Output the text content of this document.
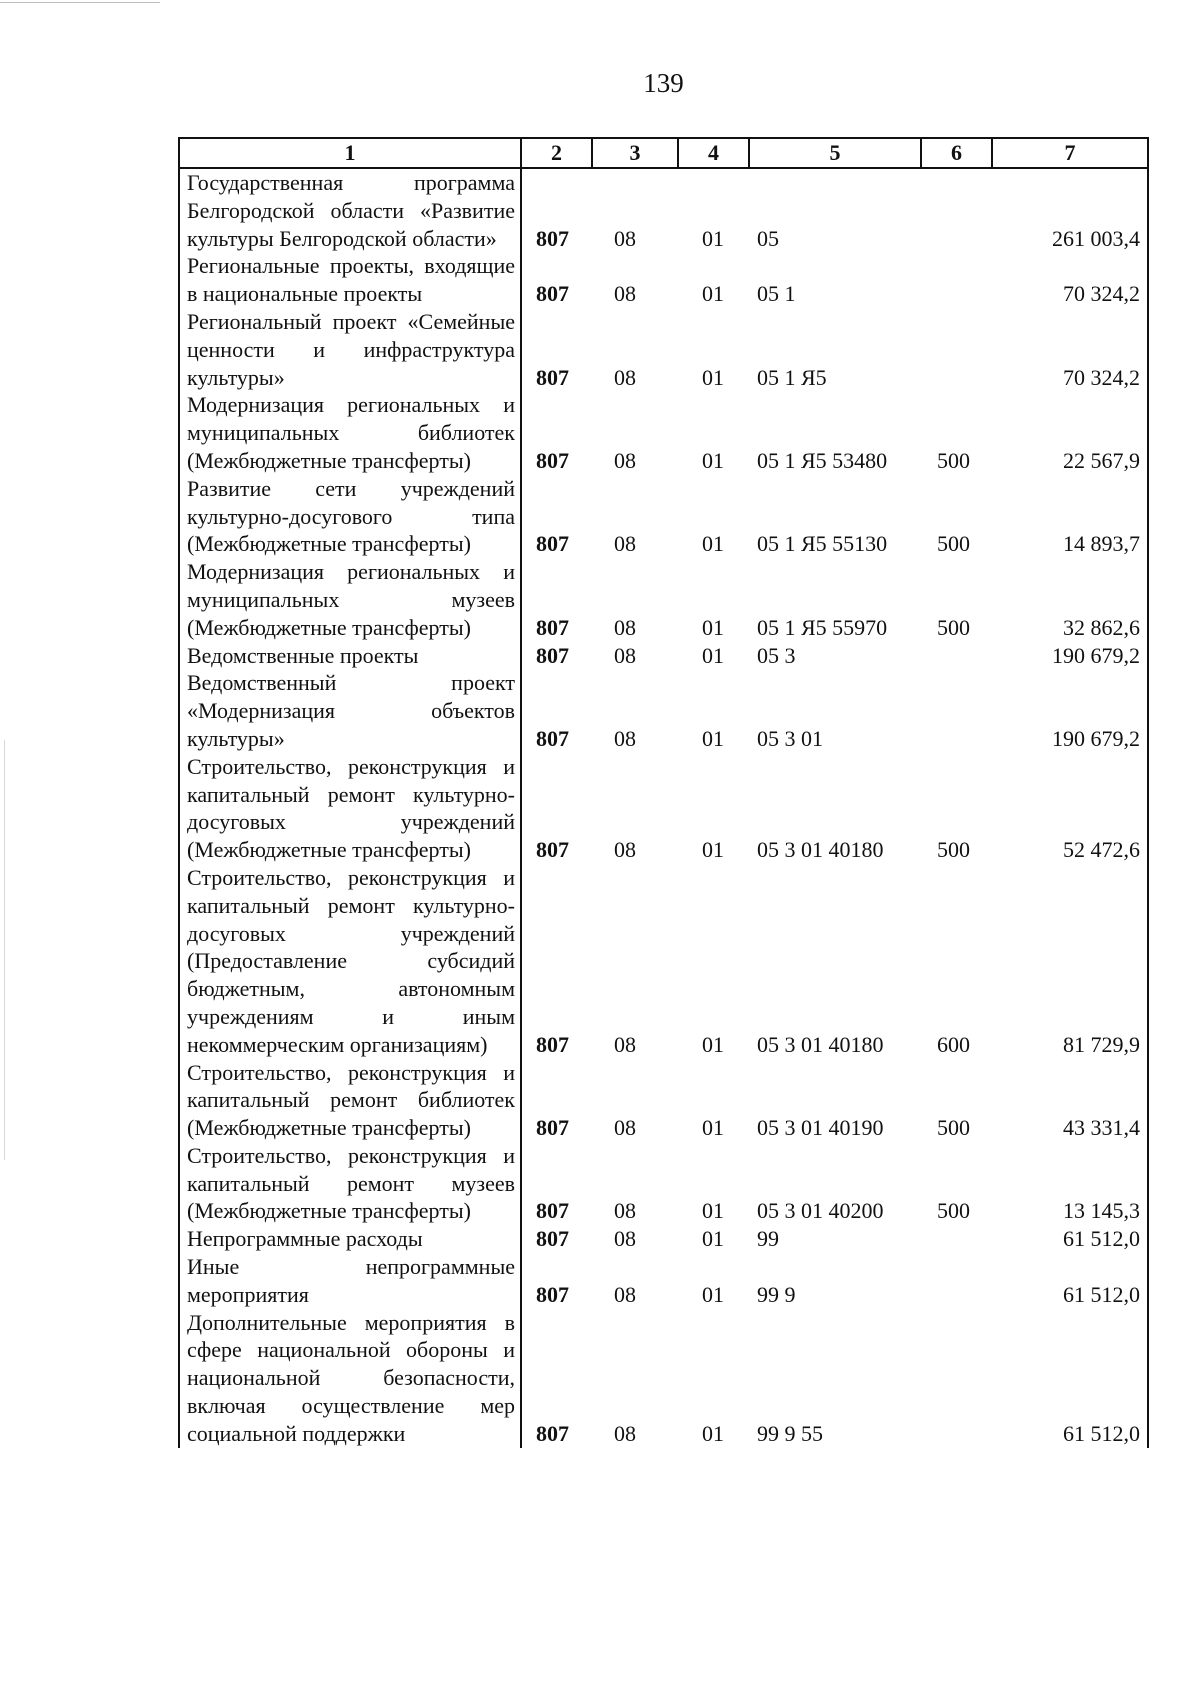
139
1	2	3	4	5	6	7
Государственная программа Белгородской области «Развитие культуры Белгородской области»	807	08	01	05		261 003,4
Региональные проекты, входящие в национальные проекты	807	08	01	05 1		70 324,2
Региональный проект «Семейные ценности и инфраструктура культуры»	807	08	01	05 1 Я5		70 324,2
Модернизация региональных и муниципальных библиотек (Межбюджетные трансферты)	807	08	01	05 1 Я5 53480	500	22 567,9
Развитие сети учреждений культурно-досугового типа (Межбюджетные трансферты)	807	08	01	05 1 Я5 55130	500	14 893,7
Модернизация региональных и муниципальных музеев (Межбюджетные трансферты)	807	08	01	05 1 Я5 55970	500	32 862,6
Ведомственные проекты	807	08	01	05 3		190 679,2
Ведомственный проект «Модернизация объектов культуры»	807	08	01	05 3 01		190 679,2
Строительство, реконструкция и капитальный ремонт культурно-досуговых учреждений (Межбюджетные трансферты)	807	08	01	05 3 01 40180	500	52 472,6
Строительство, реконструкция и капитальный ремонт культурно-досуговых учреждений (Предоставление субсидий бюджетным, автономным учреждениям и иным некоммерческим организациям)	807	08	01	05 3 01 40180	600	81 729,9
Строительство, реконструкция и капитальный ремонт библиотек (Межбюджетные трансферты)	807	08	01	05 3 01 40190	500	43 331,4
Строительство, реконструкция и капитальный ремонт музеев (Межбюджетные трансферты)	807	08	01	05 3 01 40200	500	13 145,3
Непрограммные расходы	807	08	01	99		61 512,0
Иные непрограммные мероприятия	807	08	01	99 9		61 512,0
Дополнительные мероприятия в сфере национальной обороны и национальной безопасности, включая осуществление мер социальной поддержки	807	08	01	99 9 55		61 512,0
